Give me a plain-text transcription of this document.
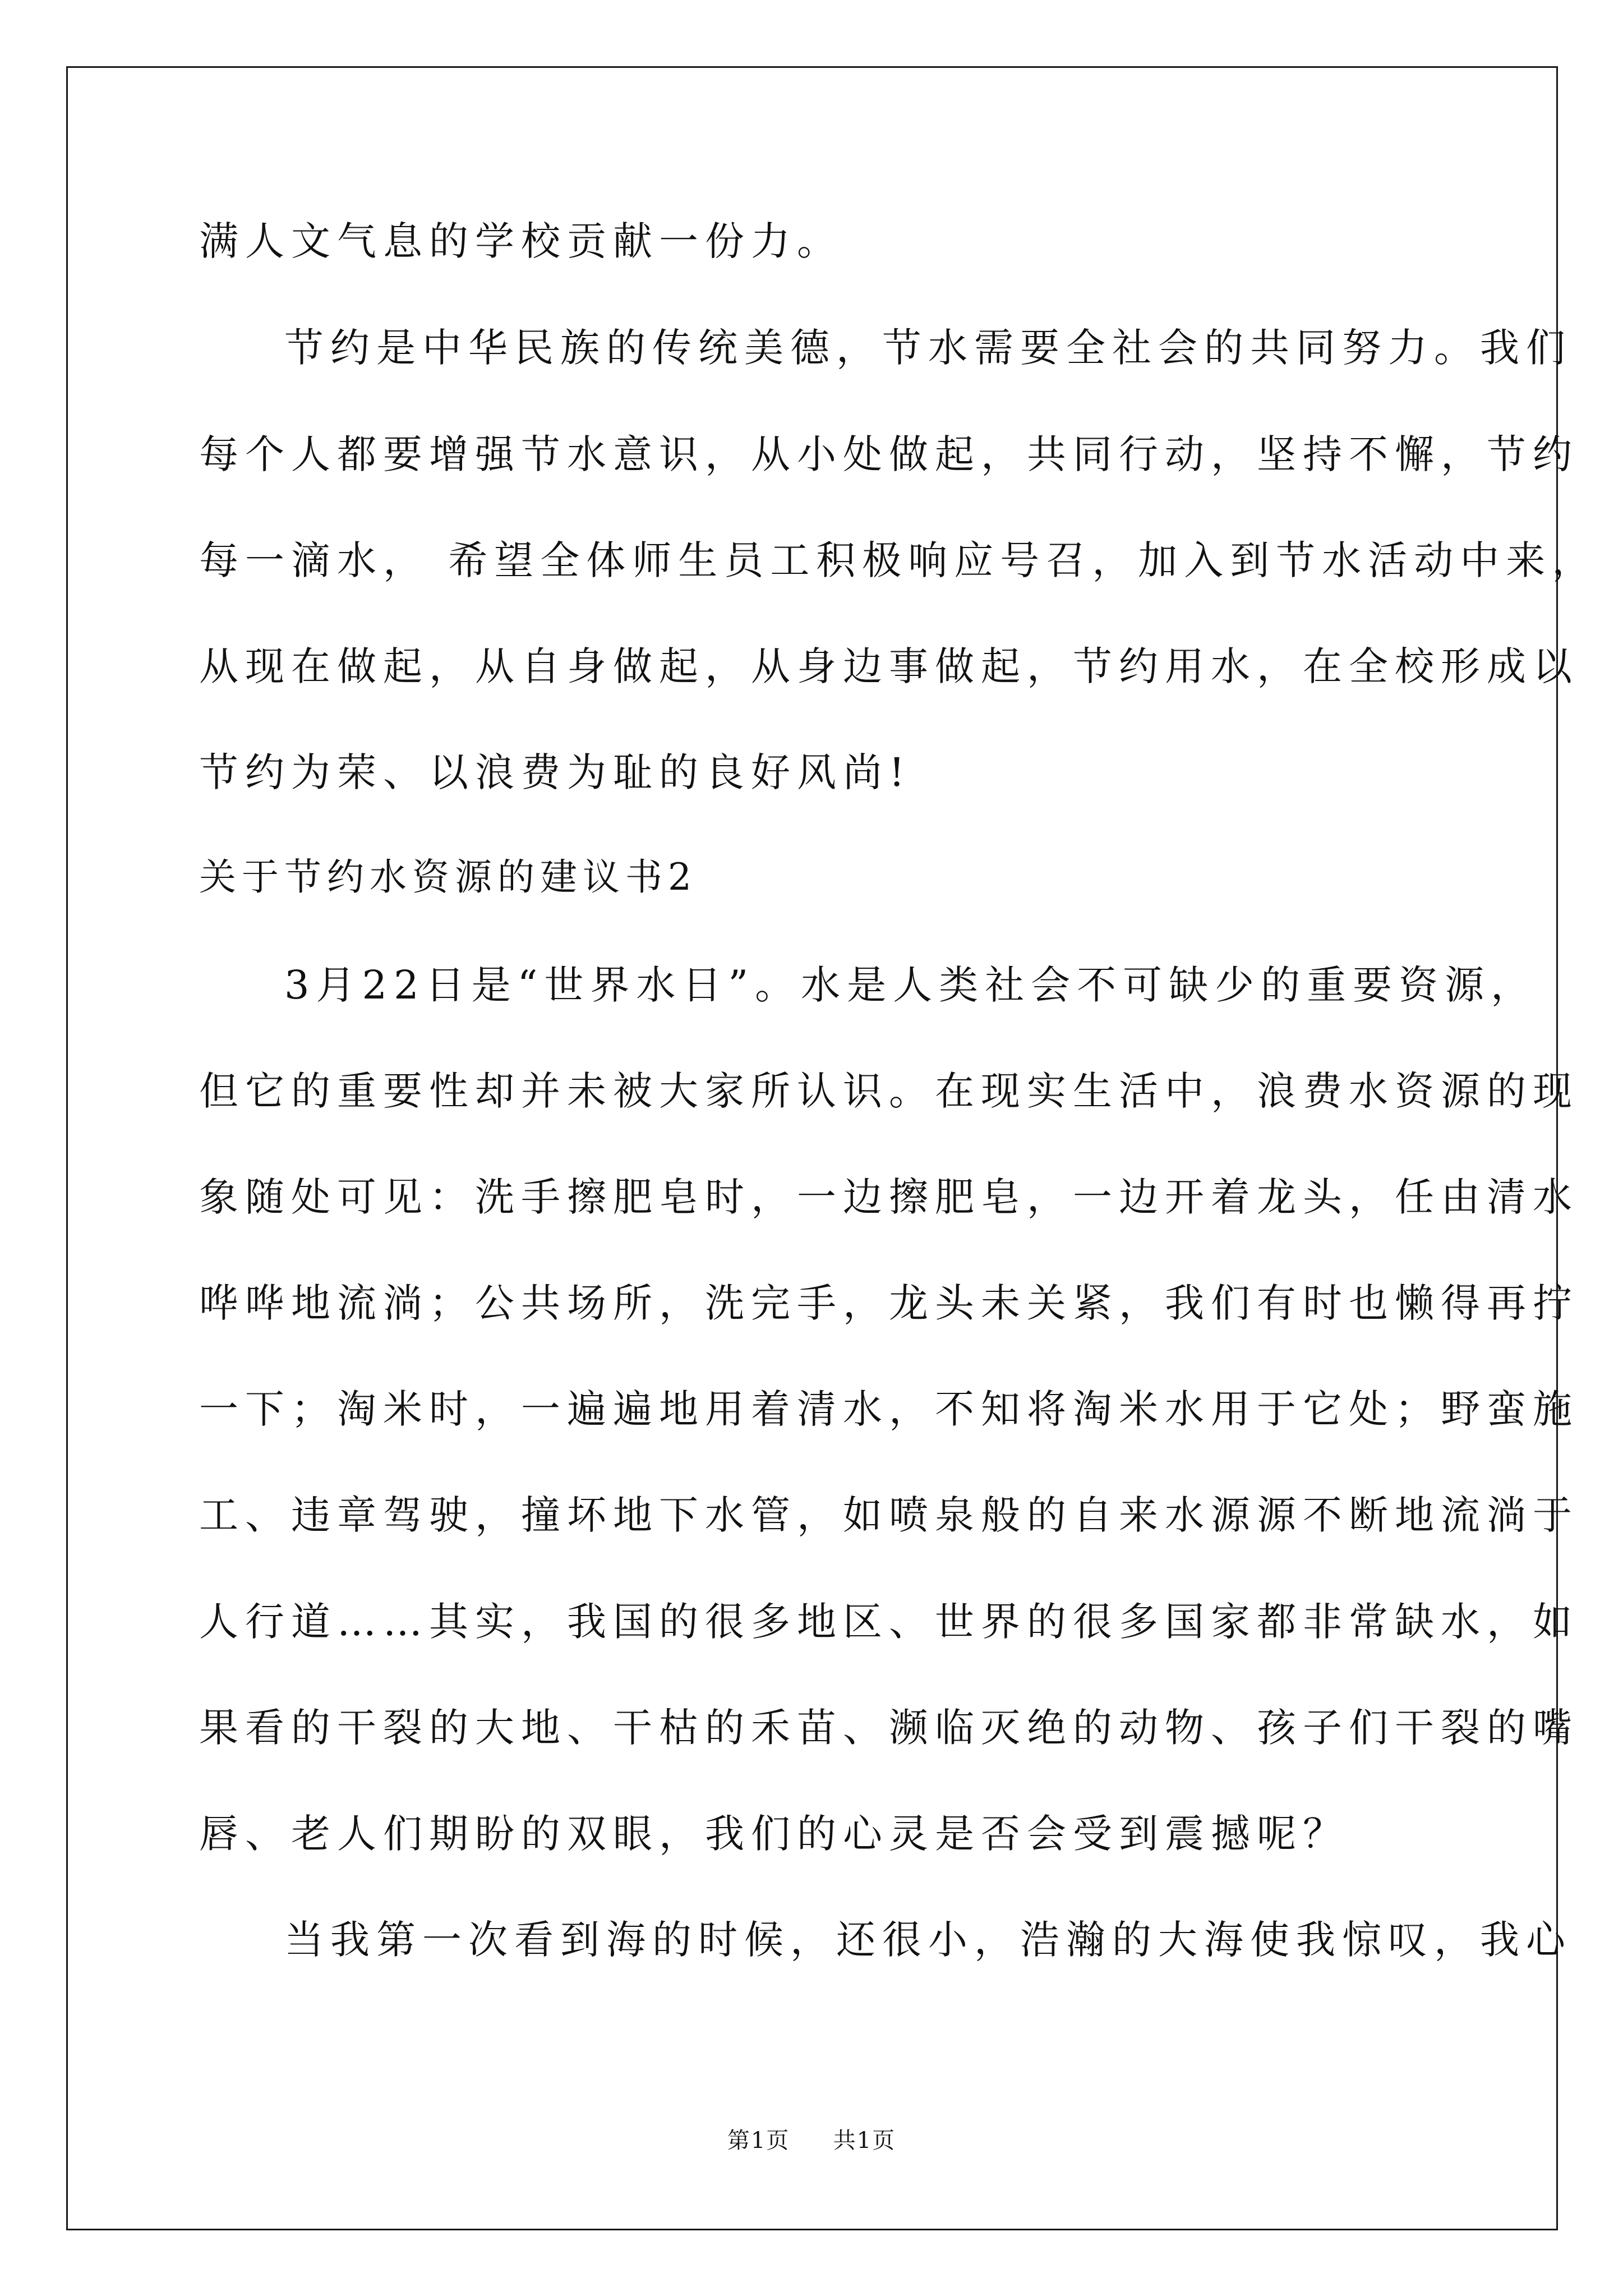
满人文气息的学校贡献一份力。

节约是中华民族的传统美德，节水需要全社会的共同努力。我们

每个人都要增强节水意识，从小处做起，共同行动，坚持不懈，节约

每一滴水， 希望全体师生员工积极响应号召，加入到节水活动中来，

从现在做起，从自身做起，从身边事做起，节约用水，在全校形成以

节约为荣、以浪费为耻的良好风尚!

关于节约水资源的建议书2

3月22日是“世界水日”。水是人类社会不可缺少的重要资源，

但它的重要性却并未被大家所认识。在现实生活中，浪费水资源的现

象随处可见：洗手擦肥皂时，一边擦肥皂，一边开着龙头，任由清水

哗哗地流淌；公共场所，洗完手，龙头未关紧，我们有时也懒得再拧

一下；淘米时，一遍遍地用着清水，不知将淘米水用于它处；野蛮施

工、违章驾驶，撞坏地下水管，如喷泉般的自来水源源不断地流淌于

人行道……其实，我国的很多地区、世界的很多国家都非常缺水，如

果看的干裂的大地、干枯的禾苗、濒临灭绝的动物、孩子们干裂的嘴

唇、老人们期盼的双眼，我们的心灵是否会受到震撼呢？

当我第一次看到海的时候，还很小，浩瀚的大海使我惊叹，我心

第1页 共1页
